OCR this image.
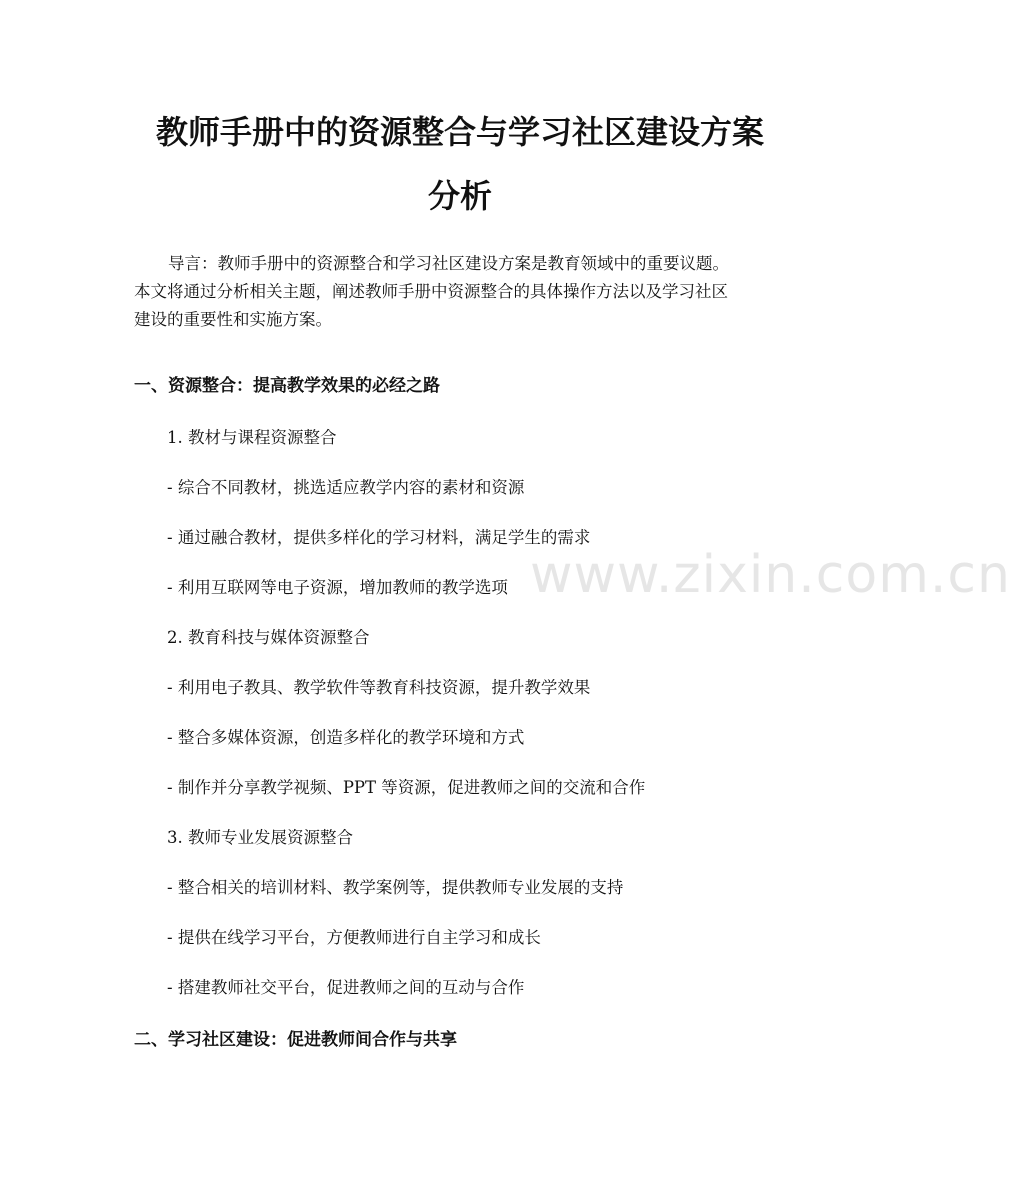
www.zixin.com.cn
教师手册中的资源整合与学习社区建设方案
分析

导言：教师手册中的资源整合和学习社区建设方案是教育领域中的重要议题。
本文将通过分析相关主题，阐述教师手册中资源整合的具体操作方法以及学习社区
建设的重要性和实施方案。

一、资源整合：提高教学效果的必经之路

1. 教材与课程资源整合

- 综合不同教材，挑选适应教学内容的素材和资源

- 通过融合教材，提供多样化的学习材料，满足学生的需求

- 利用互联网等电子资源，增加教师的教学选项

2. 教育科技与媒体资源整合

- 利用电子教具、教学软件等教育科技资源，提升教学效果

- 整合多媒体资源，创造多样化的教学环境和方式

- 制作并分享教学视频、PPT 等资源，促进教师之间的交流和合作

3. 教师专业发展资源整合

- 整合相关的培训材料、教学案例等，提供教师专业发展的支持

- 提供在线学习平台，方便教师进行自主学习和成长

- 搭建教师社交平台，促进教师之间的互动与合作

二、学习社区建设：促进教师间合作与共享
